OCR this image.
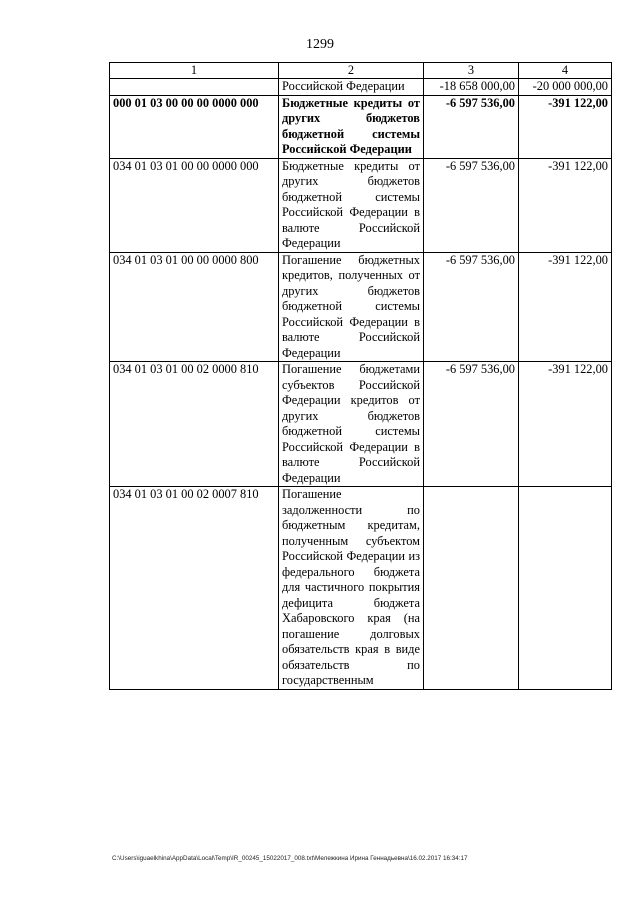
1299
1	2	3	4
	Российской Федерации	-18 658 000,00	-20 000 000,00
000 01 03 00 00 00 0000 000	Бюджетные кредиты от других бюджетов бюджетной системы Российской Федерации	-6 597 536,00	-391 122,00
034 01 03 01 00 00 0000 000	Бюджетные кредиты от других бюджетов бюджетной системы Российской Федерации в валюте Российской Федерации	-6 597 536,00	-391 122,00
034 01 03 01 00 00 0000 800	Погашение бюджетных кредитов, полученных от других бюджетов бюджетной системы Российской Федерации в валюте Российской Федерации	-6 597 536,00	-391 122,00
034 01 03 01 00 02 0000 810	Погашение бюджетами субъектов Российской Федерации кредитов от других бюджетов бюджетной системы Российской Федерации в валюте Российской Федерации	-6 597 536,00	-391 122,00
034 01 03 01 00 02 0007 810	Погашение задолженности по бюджетным кредитам, полученным субъектом Российской Федерации из федерального бюджета для частичного покрытия дефицита бюджета Хабаровского края (на погашение долговых обязательств края в виде обязательств по государственным		
C:\Users\iguaelkhina\AppData\Local\Temp\IR_00245_15022017_008.txt\Мележкина Ирина Геннадьевна\16.02.2017 16:34:17
